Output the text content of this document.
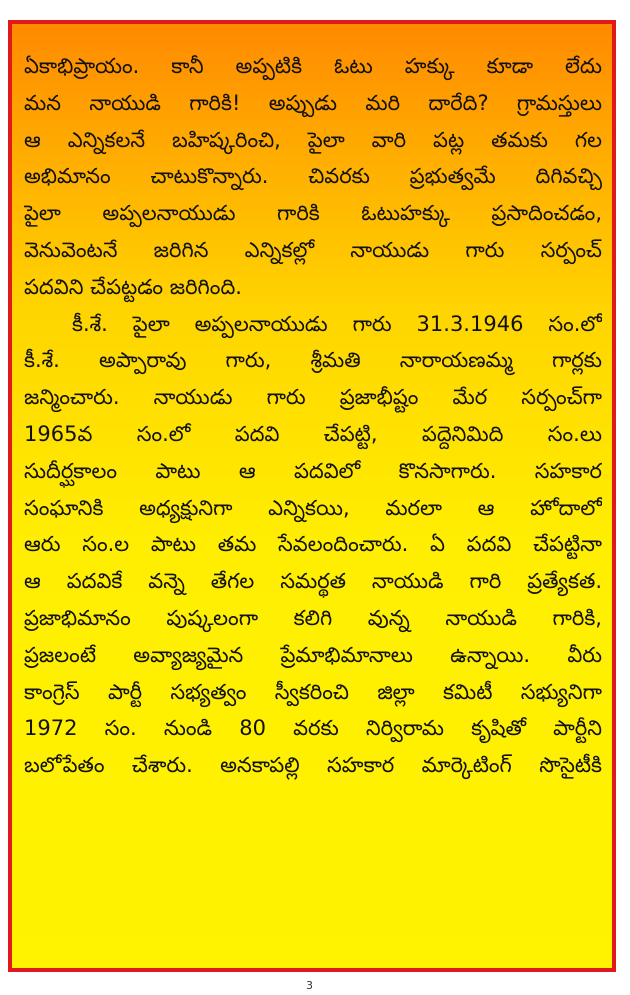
ఏకాభిప్రాయం. కానీ అప్పటికి ఓటు హక్కు కూడా లేదు
మన నాయుడి గారికి! అప్పుడు మరి దారేది? గ్రామస్తులు
ఆ ఎన్నికలనే బహిష్కరించి, పైలా వారి పట్ల తమకు గల
అభిమానం చాటుకొన్నారు. చివరకు ప్రభుత్వమే దిగివచ్చి
పైలా అప్పలనాయుడు గారికి ఓటుహక్కు ప్రసాదించడం,
వెనువెంటనే జరిగిన ఎన్నికల్లో నాయుడు గారు సర్పంచ్
పదవిని చేపట్టడం జరిగింది.
కీ.శే. పైలా అప్పలనాయుడు గారు 31.3.1946 సం.లో
కీ.శే. అప్పారావు గారు, శ్రీమతి నారాయణమ్మ గార్లకు
జన్మించారు. నాయుడు గారు ప్రజాభీష్టం మేర సర్పంచ్‌గా
1965వ సం.లో పదవి చేపట్టి, పద్దెనిమిది సం.లు
సుదీర్ఘకాలం పాటు ఆ పదవిలో కొనసాగారు. సహకార
సంఘానికి అధ్యక్షునిగా ఎన్నికయి, మరలా ఆ హోదాలో
ఆరు సం.ల పాటు తమ సేవలందించారు. ఏ పదవి చేపట్టినా
ఆ పదవికే వన్నె తేగల సమర్థత నాయుడి గారి ప్రత్యేకత.
ప్రజాభిమానం పుష్కలంగా కలిగి వున్న నాయుడి గారికి,
ప్రజలంటే అవ్యాజ్యమైన ప్రేమాభిమానాలు ఉన్నాయి. వీరు
కాంగ్రెస్ పార్టీ సభ్యత్వం స్వీకరించి జిల్లా కమిటీ సభ్యునిగా
1972 సం. నుండి 80 వరకు నిర్విరామ కృషితో పార్టీని
బలోపేతం చేశారు. అనకాపల్లి సహకార మార్కెటింగ్ సొసైటీకి
3
